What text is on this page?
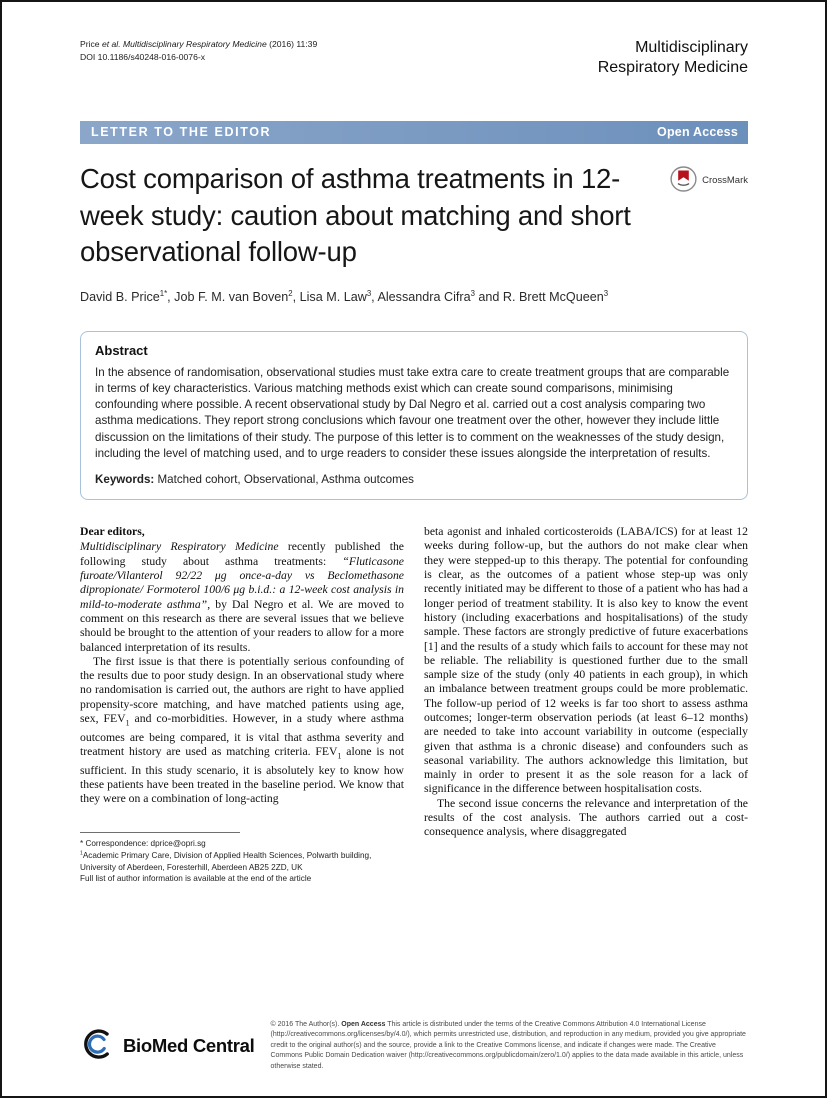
Price et al. Multidisciplinary Respiratory Medicine (2016) 11:39
DOI 10.1186/s40248-016-0076-x
Multidisciplinary
Respiratory Medicine
LETTER TO THE EDITOR	Open Access
Cost comparison of asthma treatments in 12-week study: caution about matching and short observational follow-up
CrossMark
David B. Price$^{1*}$, Job F. M. van Boven$^2$, Lisa M. Law$^3$, Alessandra Cifra$^3$ and R. Brett McQueen$^3$
Abstract

In the absence of randomisation, observational studies must take extra care to create treatment groups that are comparable in terms of key characteristics. Various matching methods exist which can create sound comparisons, minimising confounding where possible. A recent observational study by Dal Negro et al. carried out a cost analysis comparing two asthma medications. They report strong conclusions which favour one treatment over the other, however they include little discussion on the limitations of their study. The purpose of this letter is to comment on the weaknesses of the study design, including the level of matching used, and to urge readers to consider these issues alongside the interpretation of results.

Keywords: Matched cohort, Observational, Asthma outcomes

Dear editors,

Multidisciplinary Respiratory Medicine recently published the following study about asthma treatments: “Fluticasone furoate/Vilanterol 92/22 μg once-a-day vs Beclomethasone dipropionate/ Formoterol 100/6 μg b.i.d.: a 12-week cost analysis in mild-to-moderate asthma”, by Dal Negro et al. We are moved to comment on this research as there are several issues that we believe should be brought to the attention of your readers to allow for a more balanced interpretation of its results.

The first issue is that there is potentially serious confounding of the results due to poor study design. In an observational study where no randomisation is carried out, the authors are right to have applied propensity-score matching, and have matched patients using age, sex, $FEV_1$ and co-morbidities. However, in a study where asthma outcomes are being compared, it is vital that asthma severity and treatment history are used as matching criteria. $FEV_1$ alone is not sufficient. In this study scenario, it is absolutely key to know how these patients have been treated in the baseline period. We know that they were on a combination of long-acting

* Correspondence: dprice@opri.sg
$^1$Academic Primary Care, Division of Applied Health Sciences, Polwarth building, University of Aberdeen, Foresterhill, Aberdeen AB25 2ZD, UK
Full list of author information is available at the end of the article

beta agonist and inhaled corticosteroids (LABA/ICS) for at least 12 weeks during follow-up, but the authors do not make clear when they were stepped-up to this therapy. The potential for confounding is clear, as the outcomes of a patient whose step-up was only recently initiated may be different to those of a patient who has had a longer period of treatment stability. It is also key to know the event history (including exacerbations and hospitalisations) of the study sample. These factors are strongly predictive of future exacerbations [1] and the results of a study which fails to account for these may not be reliable. The reliability is questioned further due to the small sample size of the study (only 40 patients in each group), in which an imbalance between treatment groups could be more problematic. The follow-up period of 12 weeks is far too short to assess asthma outcomes; longer-term observation periods (at least 6–12 months) are needed to take into account variability in outcome (especially given that asthma is a chronic disease) and confounders such as seasonal variability. The authors acknowledge this limitation, but mainly in order to present it as the sole reason for a lack of significance in the difference between hospitalisation costs.

The second issue concerns the relevance and interpretation of the results of the cost analysis. The authors carried out a cost-consequence analysis, where disaggregated

BioMed Central
© 2016 The Author(s). Open Access This article is distributed under the terms of the Creative Commons Attribution 4.0 International License (http://creativecommons.org/licenses/by/4.0/), which permits unrestricted use, distribution, and reproduction in any medium, provided you give appropriate credit to the original author(s) and the source, provide a link to the Creative Commons license, and indicate if changes were made. The Creative Commons Public Domain Dedication waiver (http://creativecommons.org/publicdomain/zero/1.0/) applies to the data made available in this article, unless otherwise stated.
